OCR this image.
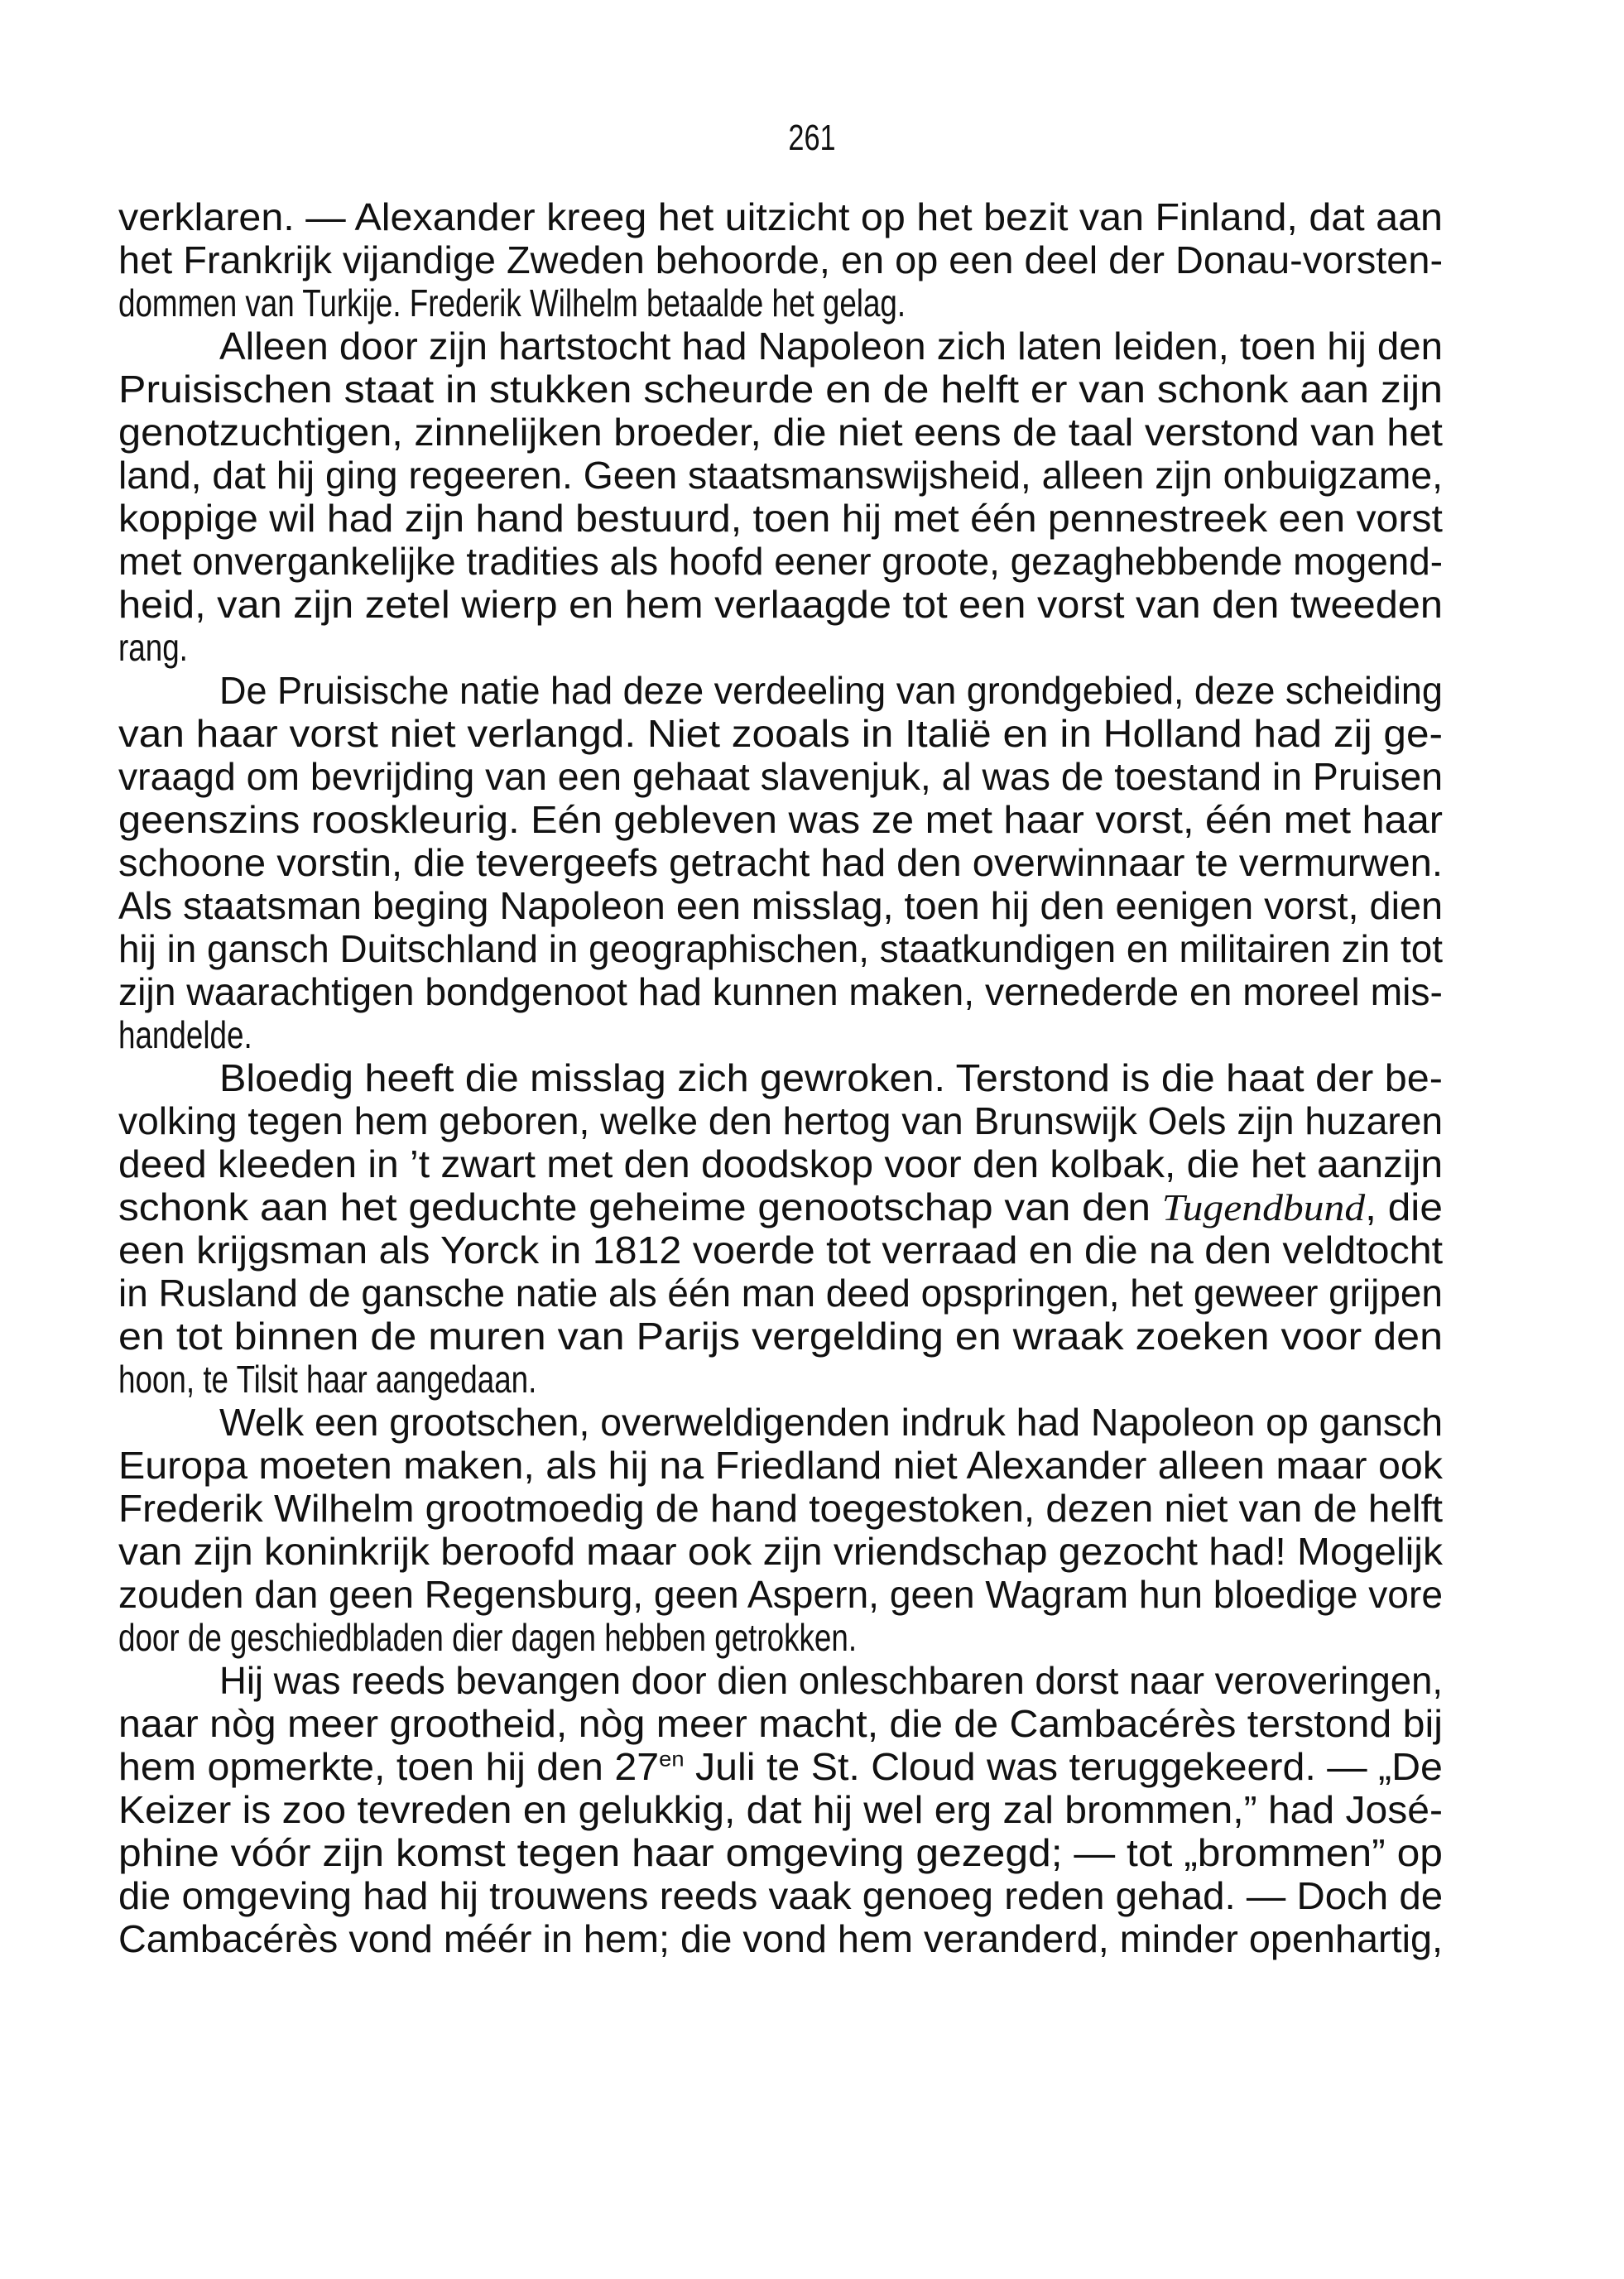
261
verklaren. — Alexander kreeg het uitzicht op het bezit van Finland, dat aan
het Frankrijk vijandige Zweden behoorde, en op een deel der Donau-vorsten-
dommen van Turkije. Frederik Wilhelm betaalde het gelag.
Alleen door zijn hartstocht had Napoleon zich laten leiden, toen hij den
Pruisischen staat in stukken scheurde en de helft er van schonk aan zijn
genotzuchtigen, zinnelijken broeder, die niet eens de taal verstond van het
land, dat hij ging regeeren. Geen staatsmanswijsheid, alleen zijn onbuigzame,
koppige wil had zijn hand bestuurd, toen hij met één pennestreek een vorst
met onvergankelijke tradities als hoofd eener groote, gezaghebbende mogend-
heid, van zijn zetel wierp en hem verlaagde tot een vorst van den tweeden
rang.
De Pruisische natie had deze verdeeling van grondgebied, deze scheiding
van haar vorst niet verlangd. Niet zooals in Italië en in Holland had zij ge-
vraagd om bevrijding van een gehaat slavenjuk, al was de toestand in Pruisen
geenszins rooskleurig. Eén gebleven was ze met haar vorst, één met haar
schoone vorstin, die tevergeefs getracht had den overwinnaar te vermurwen.
Als staatsman beging Napoleon een misslag, toen hij den eenigen vorst, dien
hij in gansch Duitschland in geographischen, staatkundigen en militairen zin tot
zijn waarachtigen bondgenoot had kunnen maken, vernederde en moreel mis-
handelde.
Bloedig heeft die misslag zich gewroken. Terstond is die haat der be-
volking tegen hem geboren, welke den hertog van Brunswijk Oels zijn huzaren
deed kleeden in ’t zwart met den doodskop voor den kolbak, die het aanzijn
schonk aan het geduchte geheime genootschap van den Tugendbund, die
een krijgsman als Yorck in 1812 voerde tot verraad en die na den veldtocht
in Rusland de gansche natie als één man deed opspringen, het geweer grijpen
en tot binnen de muren van Parijs vergelding en wraak zoeken voor den
hoon, te Tilsit haar aangedaan.
Welk een grootschen, overweldigenden indruk had Napoleon op gansch
Europa moeten maken, als hij na Friedland niet Alexander alleen maar ook
Frederik Wilhelm grootmoedig de hand toegestoken, dezen niet van de helft
van zijn koninkrijk beroofd maar ook zijn vriendschap gezocht had! Mogelijk
zouden dan geen Regensburg, geen Aspern, geen Wagram hun bloedige vore
door de geschiedbladen dier dagen hebben getrokken.
Hij was reeds bevangen door dien onleschbaren dorst naar veroveringen,
naar nòg meer grootheid, nòg meer macht, die de Cambacérès terstond bij
hem opmerkte, toen hij den $27^{en}$ Juli te St. Cloud was teruggekeerd. — „De
Keizer is zoo tevreden en gelukkig, dat hij wel erg zal brommen,” had José-
phine vóór zijn komst tegen haar omgeving gezegd; — tot „brommen” op
die omgeving had hij trouwens reeds vaak genoeg reden gehad. — Doch de
Cambacérès vond méér in hem; die vond hem veranderd, minder openhartig,
